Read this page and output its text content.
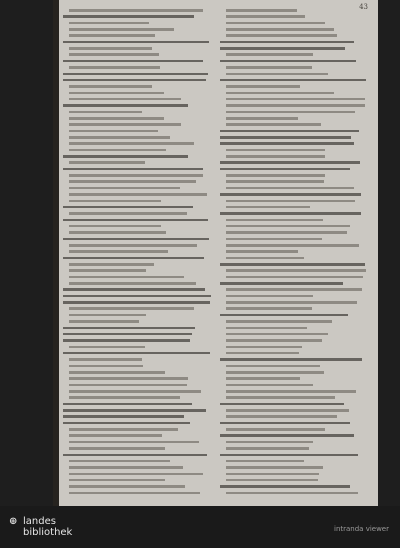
43
⊕ landes
bibliothek	intranda viewer
